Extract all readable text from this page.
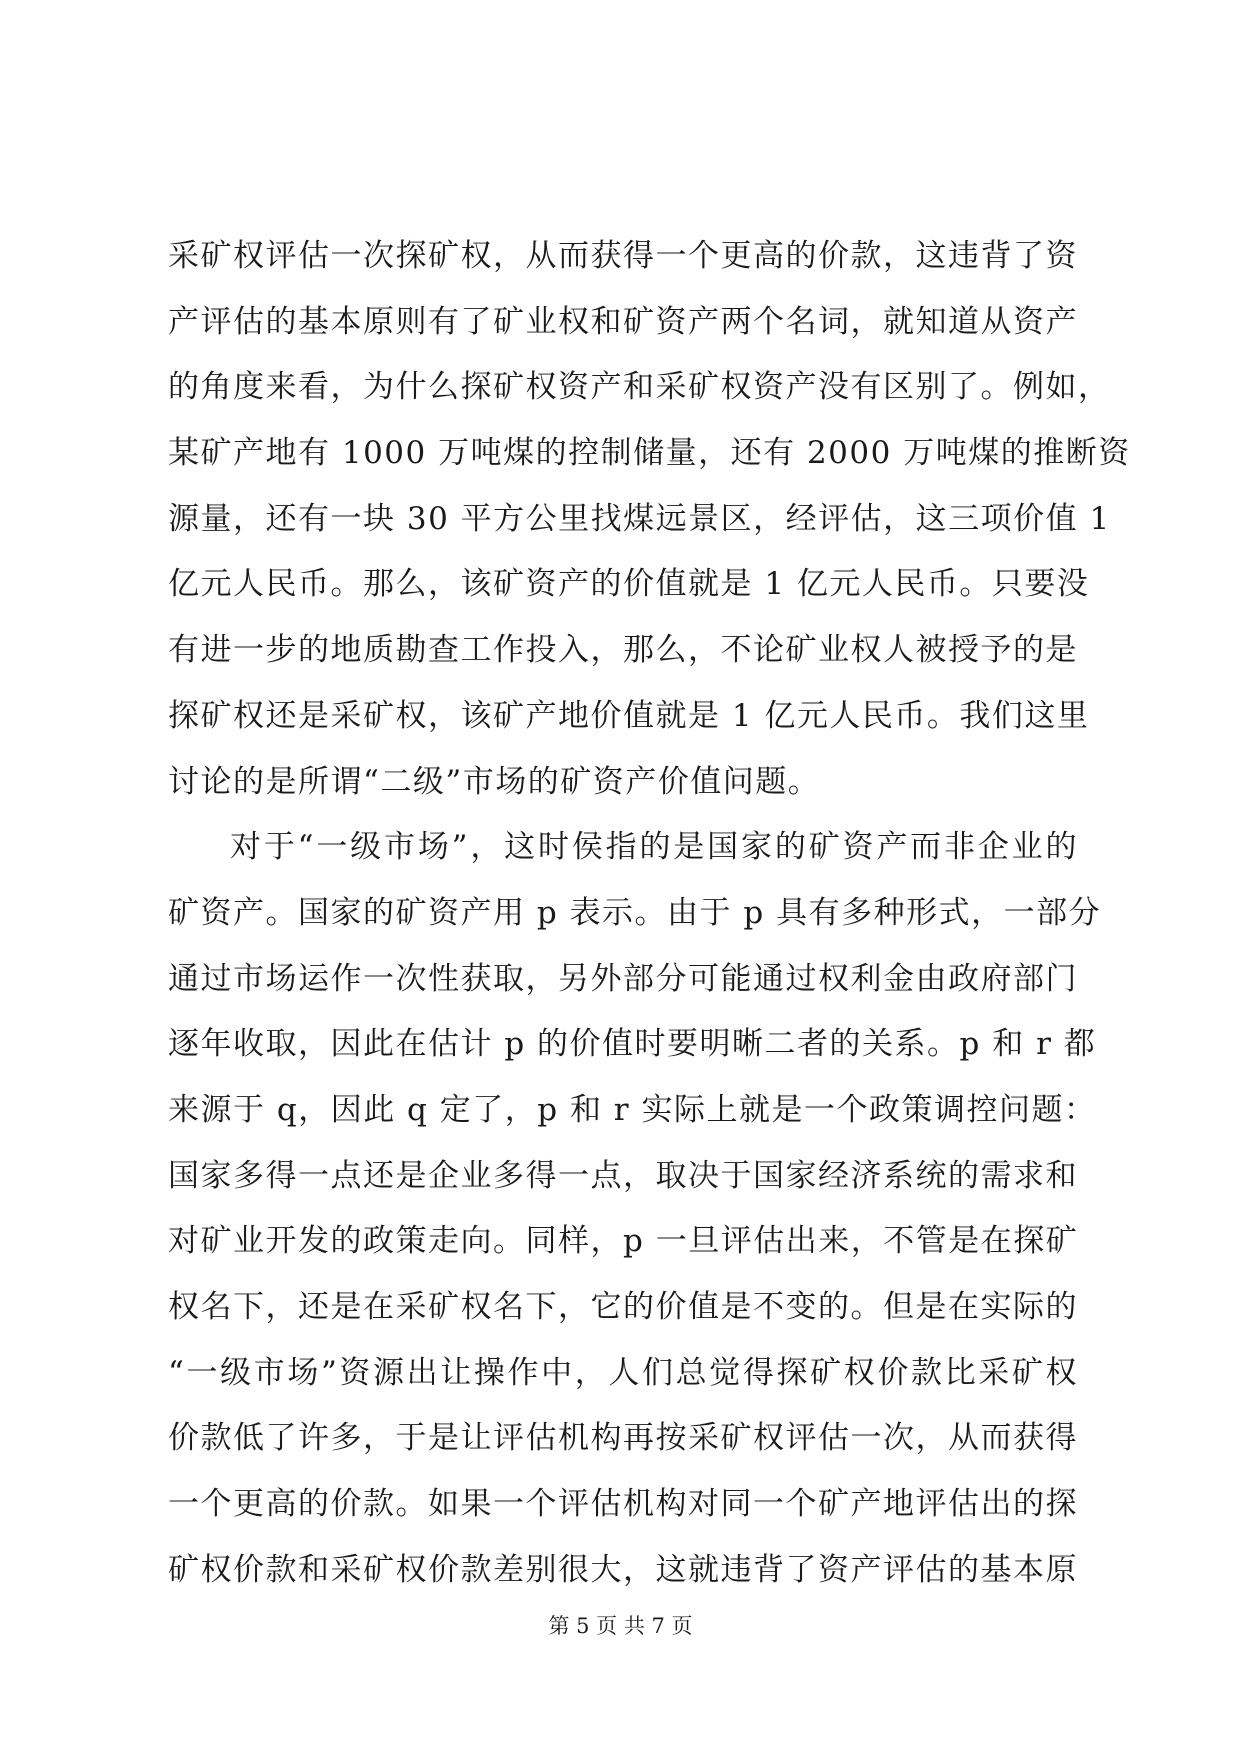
采矿权评估一次探矿权，从而获得一个更高的价款，这违背了资
产评估的基本原则有了矿业权和矿资产两个名词，就知道从资产
的角度来看，为什么探矿权资产和采矿权资产没有区别了。例如，
某矿产地有 1000 万吨煤的控制储量，还有 2000 万吨煤的推断资
源量，还有一块 30 平方公里找煤远景区，经评估，这三项价值 1
亿元人民币。那么，该矿资产的价值就是 1 亿元人民币。只要没
有进一步的地质勘查工作投入，那么，不论矿业权人被授予的是
探矿权还是采矿权，该矿产地价值就是 1 亿元人民币。我们这里
讨论的是所谓“二级”市场的矿资产价值问题。
对于“一级市场”，这时侯指的是国家的矿资产而非企业的
矿资产。国家的矿资产用 p 表示。由于 p 具有多种形式，一部分
通过市场运作一次性获取，另外部分可能通过权利金由政府部门
逐年收取，因此在估计 p 的价值时要明晰二者的关系。p 和 r 都
来源于 q，因此 q 定了，p 和 r 实际上就是一个政策调控问题：
国家多得一点还是企业多得一点，取决于国家经济系统的需求和
对矿业开发的政策走向。同样，p 一旦评估出来，不管是在探矿
权名下，还是在采矿权名下，它的价值是不变的。但是在实际的
“一级市场”资源出让操作中，人们总觉得探矿权价款比采矿权
价款低了许多，于是让评估机构再按采矿权评估一次，从而获得
一个更高的价款。如果一个评估机构对同一个矿产地评估出的探
矿权价款和采矿权价款差别很大，这就违背了资产评估的基本原
第 5 页 共 7 页
